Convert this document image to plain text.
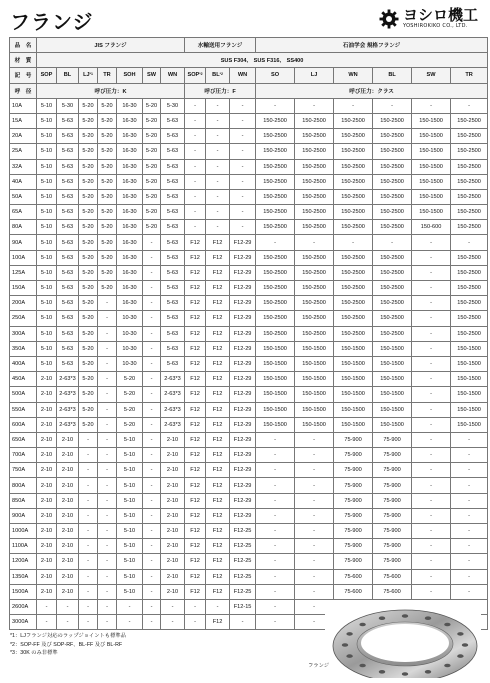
フランジ	ヨシロ機工
YOSHIROKIKO CO., LTD.
品　名	JIS フランジ							水輸送用フランジ			石油学会 規格フランジ					
材　質	SUS F304,　SUS F316,　SS400															
記　号	SOP	BL	LJ$^{*1}$	TR	SOH	SW	WN	SOP$^{*2}$	BL$^{*2}$	WN	SO	LJ	WN	BL	SW	TR
呼　径	呼び圧力：K							呼び圧力：F			呼び圧力：クラス					
10A	5-10	5-30	5-20	5-20	16-30	5-20	5-30	-	-	-	-	-	-	-	-	-
15A	5-10	5-63	5-20	5-20	16-30	5-20	5-63	-	-	-	150-2500	150-2500	150-2500	150-2500	150-1500	150-2500
20A	5-10	5-63	5-20	5-20	16-30	5-20	5-63	-	-	-	150-2500	150-2500	150-2500	150-2500	150-1500	150-2500
25A	5-10	5-63	5-20	5-20	16-30	5-20	5-63	-	-	-	150-2500	150-2500	150-2500	150-2500	150-1500	150-2500
32A	5-10	5-63	5-20	5-20	16-30	5-20	5-63	-	-	-	150-2500	150-2500	150-2500	150-2500	150-1500	150-2500
40A	5-10	5-63	5-20	5-20	16-30	5-20	5-63	-	-	-	150-2500	150-2500	150-2500	150-2500	150-1500	150-2500
50A	5-10	5-63	5-20	5-20	16-30	5-20	5-63	-	-	-	150-2500	150-2500	150-2500	150-2500	150-1500	150-2500
65A	5-10	5-63	5-20	5-20	16-30	5-20	5-63	-	-	-	150-2500	150-2500	150-2500	150-2500	150-1500	150-2500
80A	5-10	5-63	5-20	5-20	16-30	5-20	5-63	-	-	-	150-2500	150-2500	150-2500	150-2500	150-600	150-2500
90A	5-10	5-63	5-20	5-20	16-30	-	5-63	F12	F12	F12-29	-	-	-	-	-	-
100A	5-10	5-63	5-20	5-20	16-30	-	5-63	F12	F12	F12-29	150-2500	150-2500	150-2500	150-2500	-	150-2500
125A	5-10	5-63	5-20	5-20	16-30	-	5-63	F12	F12	F12-29	150-2500	150-2500	150-2500	150-2500	-	150-2500
150A	5-10	5-63	5-20	5-20	16-30	-	5-63	F12	F12	F12-29	150-2500	150-2500	150-2500	150-2500	-	150-2500
200A	5-10	5-63	5-20	-	16-30	-	5-63	F12	F12	F12-29	150-2500	150-2500	150-2500	150-2500	-	150-2500
250A	5-10	5-63	5-20	-	10-30	-	5-63	F12	F12	F12-29	150-2500	150-2500	150-2500	150-2500	-	150-2500
300A	5-10	5-63	5-20	-	10-30	-	5-63	F12	F12	F12-29	150-2500	150-2500	150-2500	150-2500	-	150-2500
350A	5-10	5-63	5-20	-	10-30	-	5-63	F12	F12	F12-29	150-1500	150-1500	150-1500	150-1500	-	150-1500
400A	5-10	5-63	5-20	-	10-30	-	5-63	F12	F12	F12-29	150-1500	150-1500	150-1500	150-1500	-	150-1500
450A	2-10	2-63*3	5-20	-	5-20	-	2-63*3	F12	F12	F12-29	150-1500	150-1500	150-1500	150-1500	-	150-1500
500A	2-10	2-63*3	5-20	-	5-20	-	2-63*3	F12	F12	F12-29	150-1500	150-1500	150-1500	150-1500	-	150-1500
550A	2-10	2-63*3	5-20	-	5-20	-	2-63*3	F12	F12	F12-29	150-1500	150-1500	150-1500	150-1500	-	150-1500
600A	2-10	2-63*3	5-20	-	5-20	-	2-63*3	F12	F12	F12-29	150-1500	150-1500	150-1500	150-1500	-	150-1500
650A	2-10	2-10	-	-	5-10	-	2-10	F12	F12	F12-29	-	-	75-900	75-900	-	-
700A	2-10	2-10	-	-	5-10	-	2-10	F12	F12	F12-29	-	-	75-900	75-900	-	-
750A	2-10	2-10	-	-	5-10	-	2-10	F12	F12	F12-29	-	-	75-900	75-900	-	-
800A	2-10	2-10	-	-	5-10	-	2-10	F12	F12	F12-29	-	-	75-900	75-900	-	-
850A	2-10	2-10	-	-	5-10	-	2-10	F12	F12	F12-29	-	-	75-900	75-900	-	-
900A	2-10	2-10	-	-	5-10	-	2-10	F12	F12	F12-29	-	-	75-900	75-900	-	-
1000A	2-10	2-10	-	-	5-10	-	2-10	F12	F12	F12-25	-	-	75-900	75-900	-	-
1100A	2-10	2-10	-	-	5-10	-	2-10	F12	F12	F12-25	-	-	75-900	75-900	-	-
1200A	2-10	2-10	-	-	5-10	-	2-10	F12	F12	F12-25	-	-	75-900	75-900	-	-
1350A	2-10	2-10	-	-	5-10	-	2-10	F12	F12	F12-25	-	-	75-600	75-600	-	-
1500A	2-10	2-10	-	-	5-10	-	2-10	F12	F12	F12-25	-	-	75-600	75-600	-	-
2600A	-	-	-	-	-	-	-	-	-	F12-15	-	-				
3000A	-	-	-	-	-	-	-	-	F12	-	-	-				
*1：LJフランジ対応のラップジョイントも標準品
*2：SOP-FF 及び SOP-RF、BL-FF 及び BL-RF
*3：30K のみ非標準
フランジ
